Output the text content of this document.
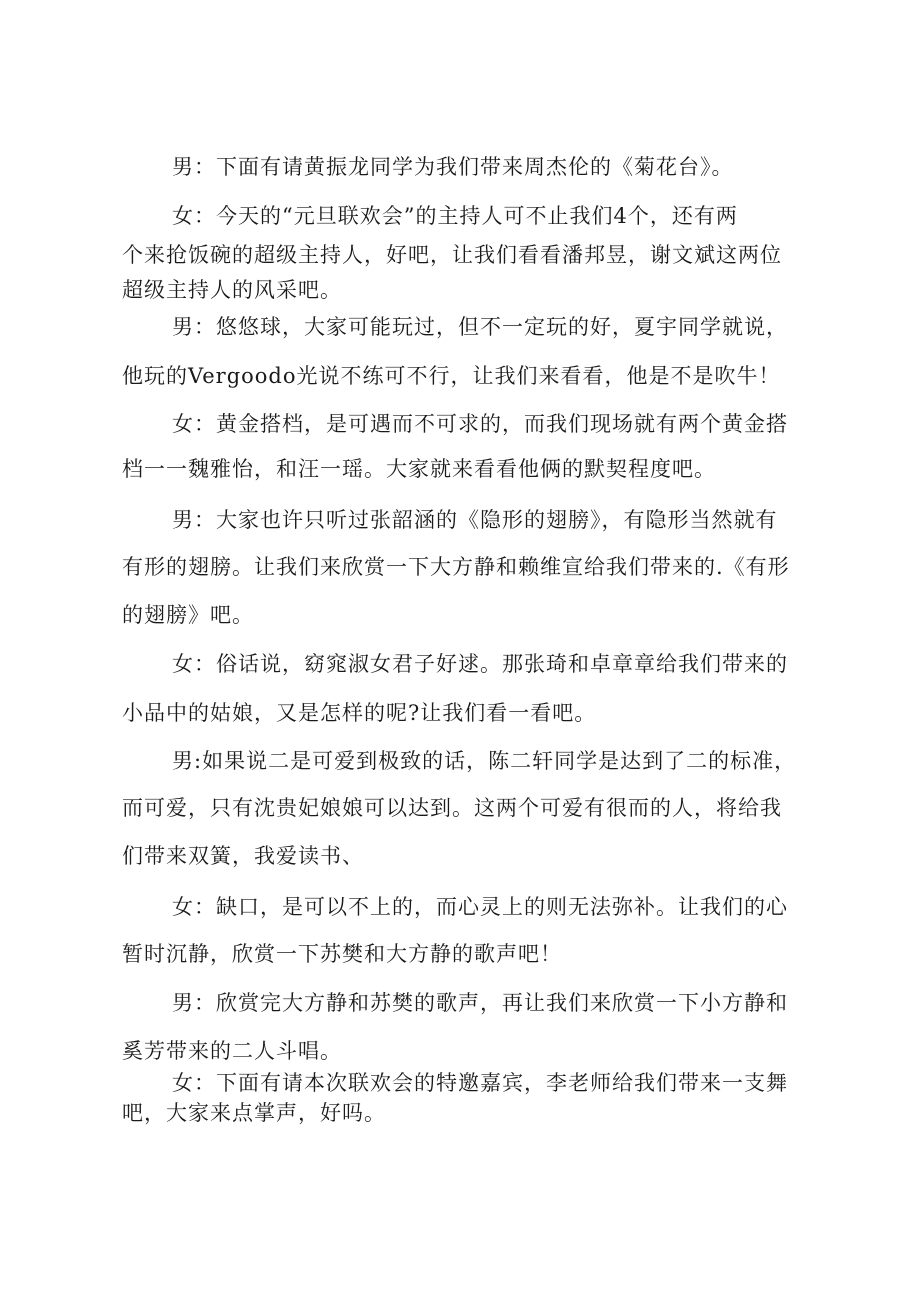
男：下面有请黄振龙同学为我们带来周杰伦的《菊花台》。
女：今天的“元旦联欢会”的主持人可不止我们4个，还有两
个来抢饭碗的超级主持人，好吧，让我们看看潘邦昱，谢文斌这两位
超级主持人的风采吧。
男：悠悠球，大家可能玩过，但不一定玩的好，夏宇同学就说，
他玩的Vergoodo光说不练可不行，让我们来看看，他是不是吹牛！
女：黄金搭档，是可遇而不可求的，而我们现场就有两个黄金搭
档一一魏雅怡，和汪一瑶。大家就来看看他俩的默契程度吧。
男：大家也许只听过张韶涵的《隐形的翅膀》，有隐形当然就有
有形的翅膀。让我们来欣赏一下大方静和赖维宣给我们带来的.《有形
的翅膀》吧。
女：俗话说，窈窕淑女君子好逑。那张琦和卓章章给我们带来的
小品中的姑娘，又是怎样的呢?让我们看一看吧。
男:如果说二是可爱到极致的话，陈二轩同学是达到了二的标准，
而可爱，只有沈贵妃娘娘可以达到。这两个可爱有很而的人，将给我
们带来双簧，我爱读书、
女：缺口，是可以不上的，而心灵上的则无法弥补。让我们的心
暂时沉静，欣赏一下苏樊和大方静的歌声吧！
男：欣赏完大方静和苏樊的歌声，再让我们来欣赏一下小方静和
奚芳带来的二人斗唱。
女：下面有请本次联欢会的特邀嘉宾，李老师给我们带来一支舞
吧，大家来点掌声，好吗。
